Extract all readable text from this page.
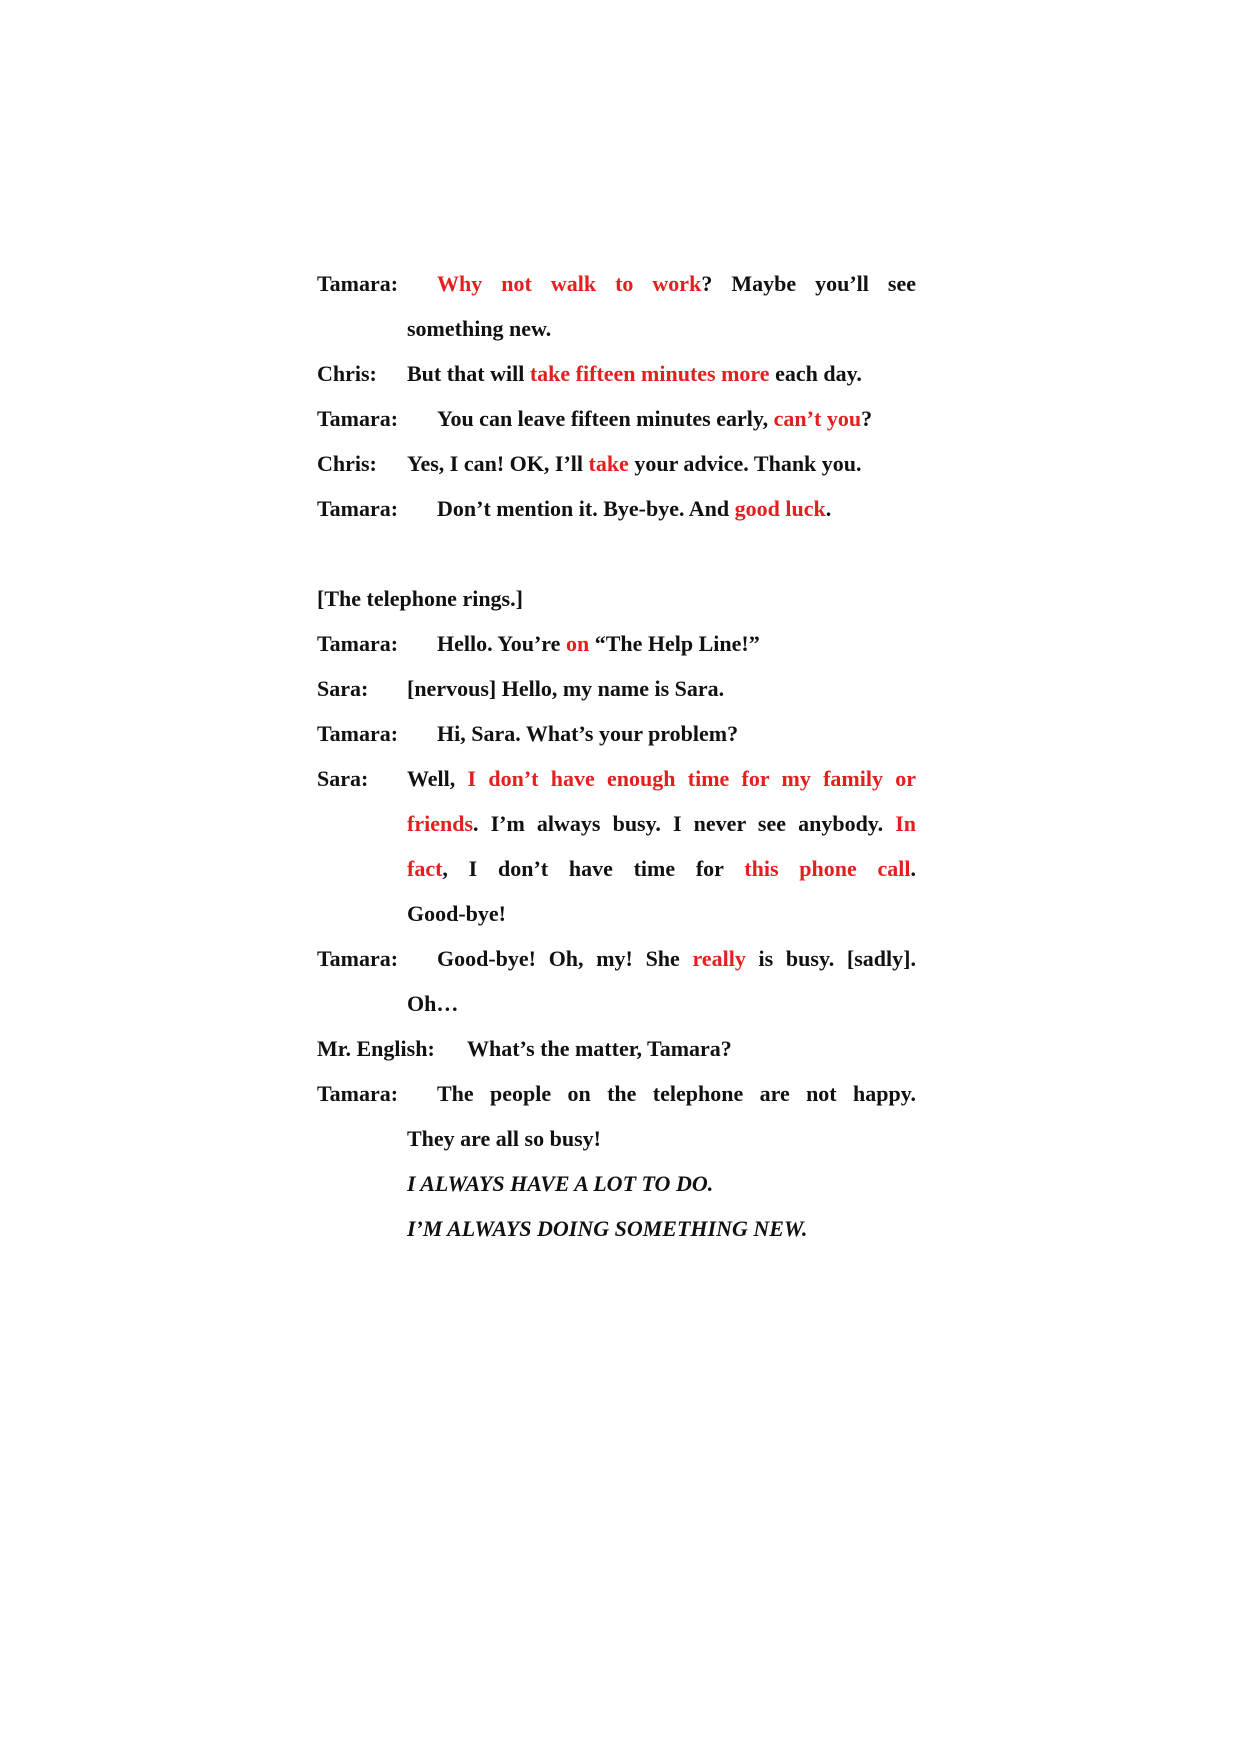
Tamara: Why not walk to work? Maybe you’ll see
something new.
Chris: But that will take fifteen minutes more each day.
Tamara: You can leave fifteen minutes early, can’t you?
Chris: Yes, I can! OK, I’ll take your advice. Thank you.
Tamara: Don’t mention it. Bye-bye. And good luck.
[The telephone rings.]
Tamara: Hello. You’re on “The Help Line!”
Sara: [nervous] Hello, my name is Sara.
Tamara: Hi, Sara. What’s your problem?
Sara: Well, I don’t have enough time for my family or
friends. I’m always busy. I never see anybody. In
fact, I don’t have time for this phone call.
Good-bye!
Tamara: Good-bye! Oh, my! She really is busy. [sadly].
Oh…
Mr. English: What’s the matter, Tamara?
Tamara: The people on the telephone are not happy.
They are all so busy!
I ALWAYS HAVE A LOT TO DO.
I’M ALWAYS DOING SOMETHING NEW.
